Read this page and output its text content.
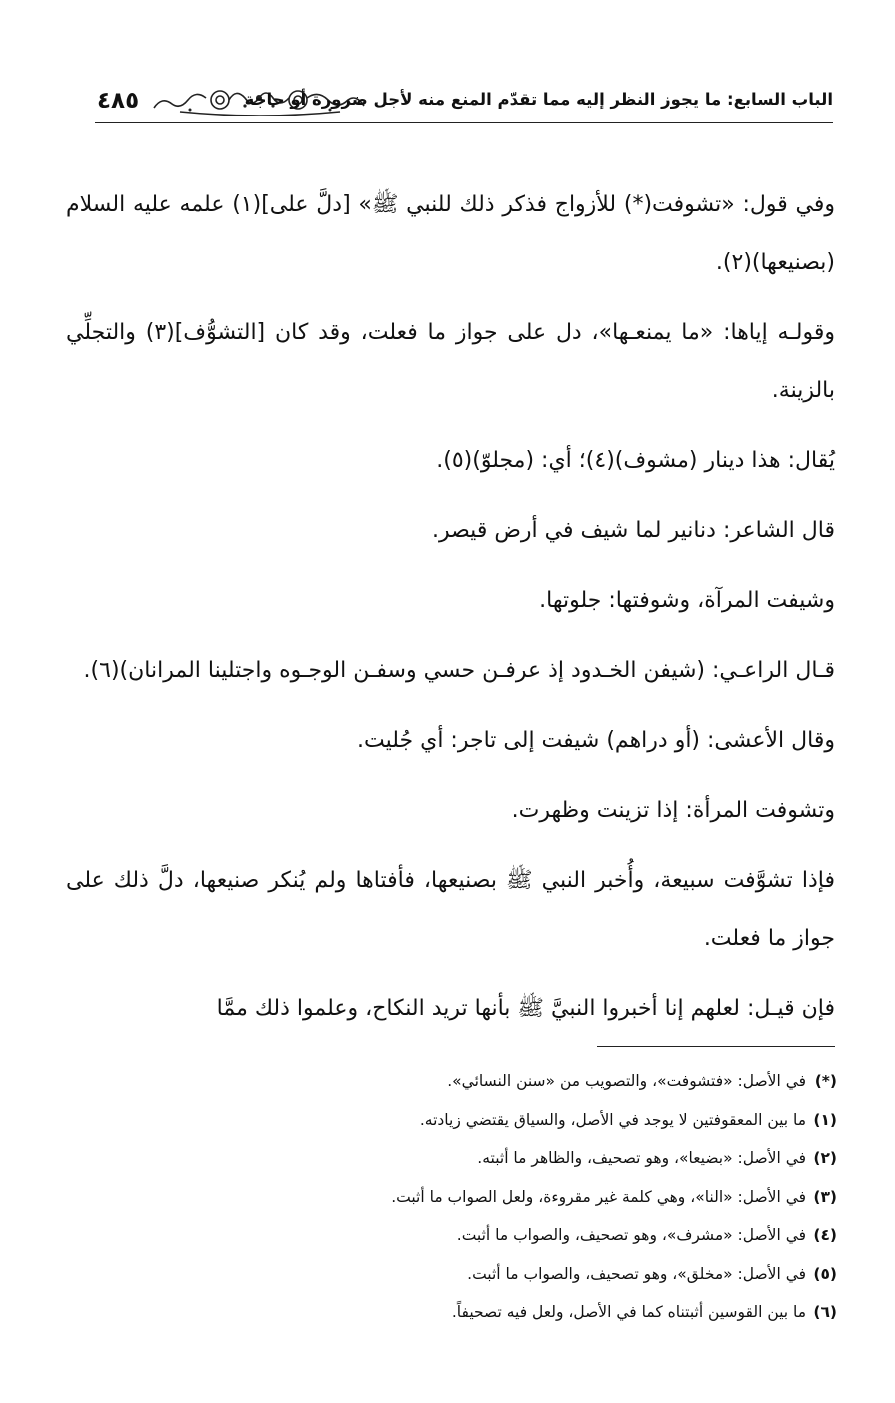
٤٨٥	الباب السابع: ما يجوز النظر إليه مما تقدّم المنع منه لأجل ضرورة أو حاجة

وفي قول: «تشوفت(*) للأزواج فذكر ذلك للنبي ﷺ» [دلَّ على](١) علمه عليه السلام (بصنيعها)(٢).

وقولـه إياها: «ما يمنعـها»، دل على جواز ما فعلت، وقد كان [التشوُّف](٣) والتجلِّي بالزينة.

يُقال: هذا دينار (مشوف)(٤)؛ أي: (مجلوّ)(٥).

قال الشاعر: دنانير لما شيف في أرض قيصر.

وشيفت المرآة، وشوفتها: جلوتها.

قـال الراعـي: (شيفن الخـدود إذ عرفـن حسي وسفـن الوجـوه واجتلينا المرانان)(٦).

وقال الأعشى: (أو دراهم) شيفت إلى تاجر: أي جُليت.

وتشوفت المرأة: إذا تزينت وظهرت.

فإذا تشوَّفت سبيعة، وأُخبر النبي ﷺ بصنيعها، فأفتاها ولم يُنكر صنيعها، دلَّ ذلك على جواز ما فعلت.

فإن قيـل: لعلهم إنا أخبروا النبيَّ ﷺ بأنها تريد النكاح، وعلموا ذلك ممَّا

(*) في الأصل: «فتشوفت»، والتصويب من «سنن النسائي».
(١) ما بين المعقوفتين لا يوجد في الأصل، والسياق يقتضي زيادته.
(٢) في الأصل: «بضيعا»، وهو تصحيف، والظاهر ما أثبته.
(٣) في الأصل: «النا»، وهي كلمة غير مقروءة، ولعل الصواب ما أثبت.
(٤) في الأصل: «مشرف»، وهو تصحيف، والصواب ما أثبت.
(٥) في الأصل: «مخلق»، وهو تصحيف، والصواب ما أثبت.
(٦) ما بين القوسين أثبتناه كما في الأصل، ولعل فيه تصحيفاً.
